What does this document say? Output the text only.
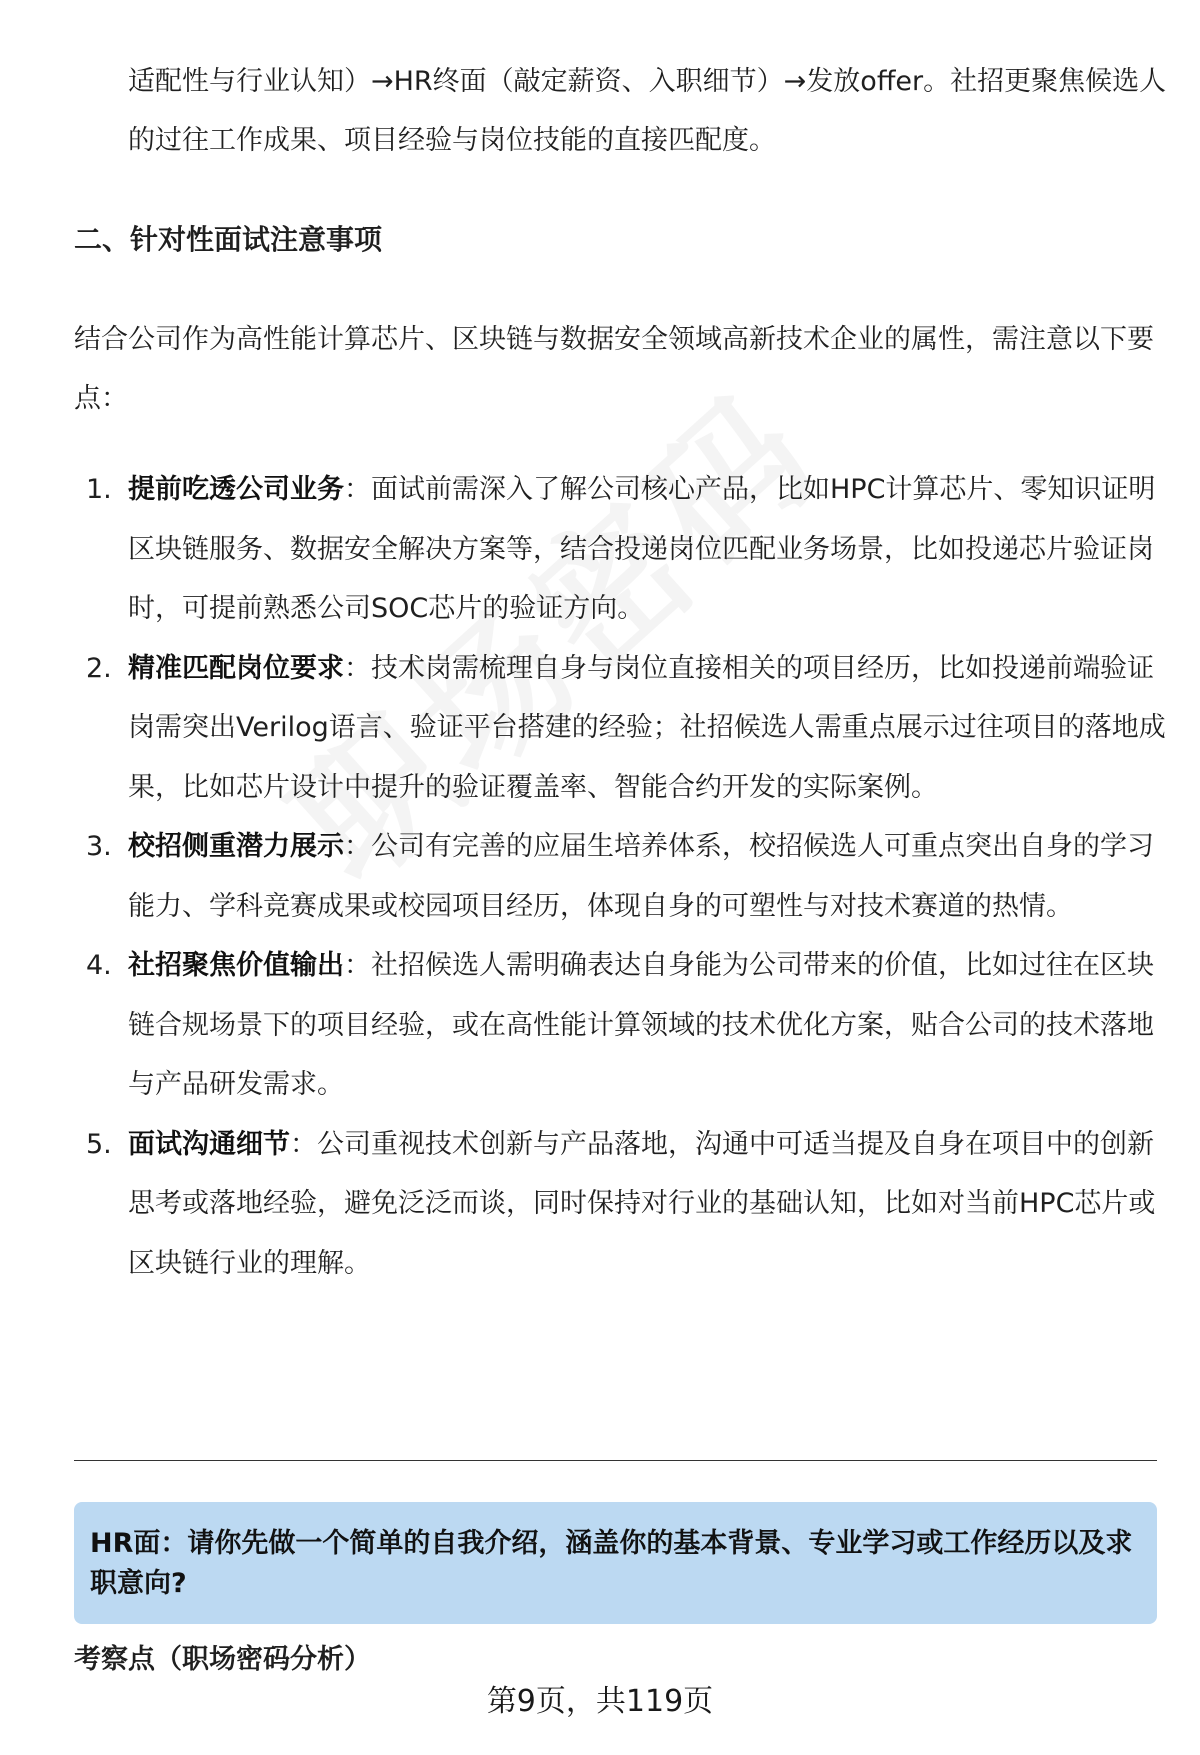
适配性与行业认知）→HR终面（敲定薪资、入职细节）→发放offer。社招更聚焦候选人的过往工作成果、项目经验与岗位技能的直接匹配度。

二、针对性面试注意事项

结合公司作为高性能计算芯片、区块链与数据安全领域高新技术企业的属性，需注意以下要点：

1. 提前吃透公司业务：面试前需深入了解公司核心产品，比如HPC计算芯片、零知识证明区块链服务、数据安全解决方案等，结合投递岗位匹配业务场景，比如投递芯片验证岗时，可提前熟悉公司SOC芯片的验证方向。
2. 精准匹配岗位要求：技术岗需梳理自身与岗位直接相关的项目经历，比如投递前端验证岗需突出Verilog语言、验证平台搭建的经验；社招候选人需重点展示过往项目的落地成果，比如芯片设计中提升的验证覆盖率、智能合约开发的实际案例。
3. 校招侧重潜力展示：公司有完善的应届生培养体系，校招候选人可重点突出自身的学习能力、学科竞赛成果或校园项目经历，体现自身的可塑性与对技术赛道的热情。
4. 社招聚焦价值输出：社招候选人需明确表达自身能为公司带来的价值，比如过往在区块链合规场景下的项目经验，或在高性能计算领域的技术优化方案，贴合公司的技术落地与产品研发需求。
5. 面试沟通细节：公司重视技术创新与产品落地，沟通中可适当提及自身在项目中的创新思考或落地经验，避免泛泛而谈，同时保持对行业的基础认知，比如对当前HPC芯片或区块链行业的理解。

HR面：请你先做一个简单的自我介绍，涵盖你的基本背景、专业学习或工作经历以及求职意向?

考察点（职场密码分析）
第9页，共119页
